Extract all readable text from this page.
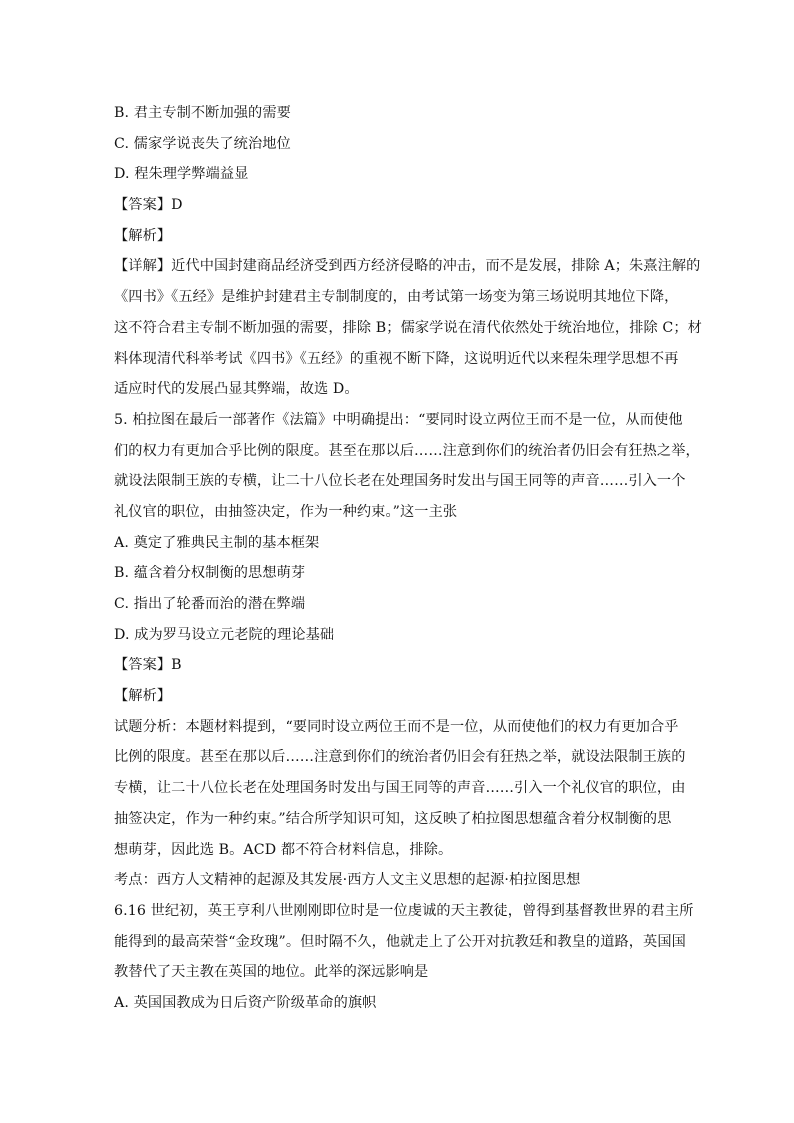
B. 君主专制不断加强的需要
C. 儒家学说丧失了统治地位
D. 程朱理学弊端益显
【答案】D
【解析】
【详解】近代中国封建商品经济受到西方经济侵略的冲击，而不是发展，排除 A；朱熹注解的
《四书》《五经》是维护封建君主专制制度的，由考试第一场变为第三场说明其地位下降，
这不符合君主专制不断加强的需要，排除 B；儒家学说在清代依然处于统治地位，排除 C；材
料体现清代科举考试《四书》《五经》的重视不断下降，这说明近代以来程朱理学思想不再
适应时代的发展凸显其弊端，故选 D。
5. 柏拉图在最后一部著作《法篇》中明确提出：“要同时设立两位王而不是一位，从而使他
们的权力有更加合乎比例的限度。甚至在那以后……注意到你们的统治者仍旧会有狂热之举，
就设法限制王族的专横，让二十八位长老在处理国务时发出与国王同等的声音……引入一个
礼仪官的职位，由抽签决定，作为一种约束。”这一主张
A. 奠定了雅典民主制的基本框架
B. 蕴含着分权制衡的思想萌芽
C. 指出了轮番而治的潜在弊端
D. 成为罗马设立元老院的理论基础
【答案】B
【解析】
试题分析：本题材料提到，“要同时设立两位王而不是一位，从而使他们的权力有更加合乎
比例的限度。甚至在那以后……注意到你们的统治者仍旧会有狂热之举，就设法限制王族的
专横，让二十八位长老在处理国务时发出与国王同等的声音……引入一个礼仪官的职位，由
抽签决定，作为一种约束。”结合所学知识可知，这反映了柏拉图思想蕴含着分权制衡的思
想萌芽，因此选 B。ACD 都不符合材料信息，排除。
考点：西方人文精神的起源及其发展·西方人文主义思想的起源·柏拉图思想
6.16 世纪初，英王亨利八世刚刚即位时是一位虔诚的天主教徒，曾得到基督教世界的君主所
能得到的最高荣誉“金玫瑰”。但时隔不久，他就走上了公开对抗教廷和教皇的道路，英国国
教替代了天主教在英国的地位。此举的深远影响是
A. 英国国教成为日后资产阶级革命的旗帜
